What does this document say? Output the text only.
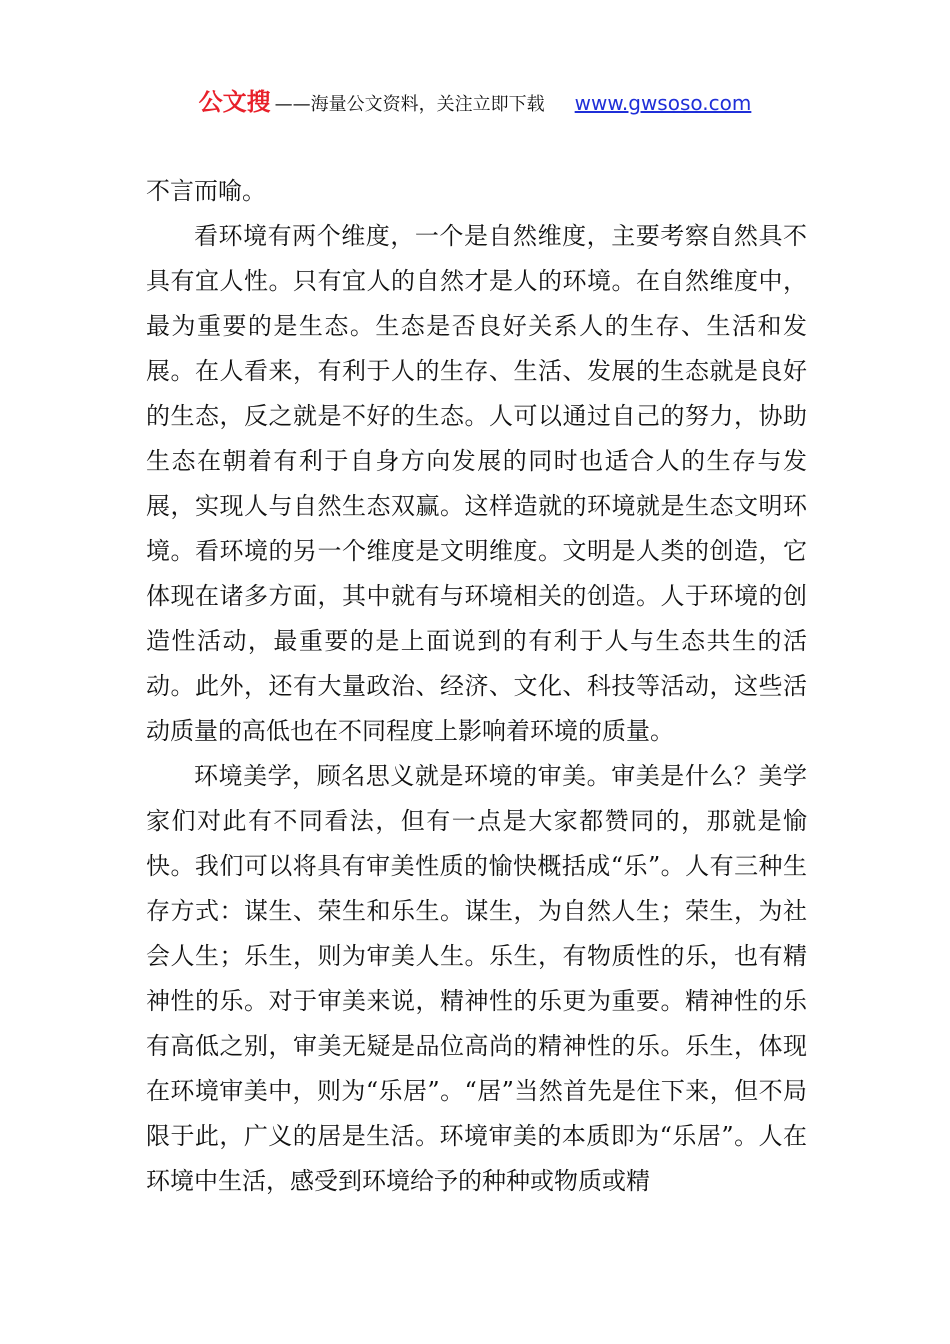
公文搜 ——海量公文资料，关注立即下载 www.gwsoso.com

不言而喻。

看环境有两个维度，一个是自然维度，主要考察自然具不具有宜人性。只有宜人的自然才是人的环境。在自然维度中，最为重要的是生态。生态是否良好关系人的生存、生活和发展。在人看来，有利于人的生存、生活、发展的生态就是良好的生态，反之就是不好的生态。人可以通过自己的努力，协助生态在朝着有利于自身方向发展的同时也适合人的生存与发展，实现人与自然生态双赢。这样造就的环境就是生态文明环境。看环境的另一个维度是文明维度。文明是人类的创造，它体现在诸多方面，其中就有与环境相关的创造。人于环境的创造性活动，最重要的是上面说到的有利于人与生态共生的活动。此外，还有大量政治、经济、文化、科技等活动，这些活动质量的高低也在不同程度上影响着环境的质量。

环境美学，顾名思义就是环境的审美。审美是什么？美学家们对此有不同看法，但有一点是大家都赞同的，那就是愉快。我们可以将具有审美性质的愉快概括成“乐”。人有三种生存方式：谋生、荣生和乐生。谋生，为自然人生；荣生，为社会人生；乐生，则为审美人生。乐生，有物质性的乐，也有精神性的乐。对于审美来说，精神性的乐更为重要。精神性的乐有高低之别，审美无疑是品位高尚的精神性的乐。乐生，体现在环境审美中，则为“乐居”。“居”当然首先是住下来，但不局限于此，广义的居是生活。环境审美的本质即为“乐居”。人在环境中生活，感受到环境给予的种种或物质或精
